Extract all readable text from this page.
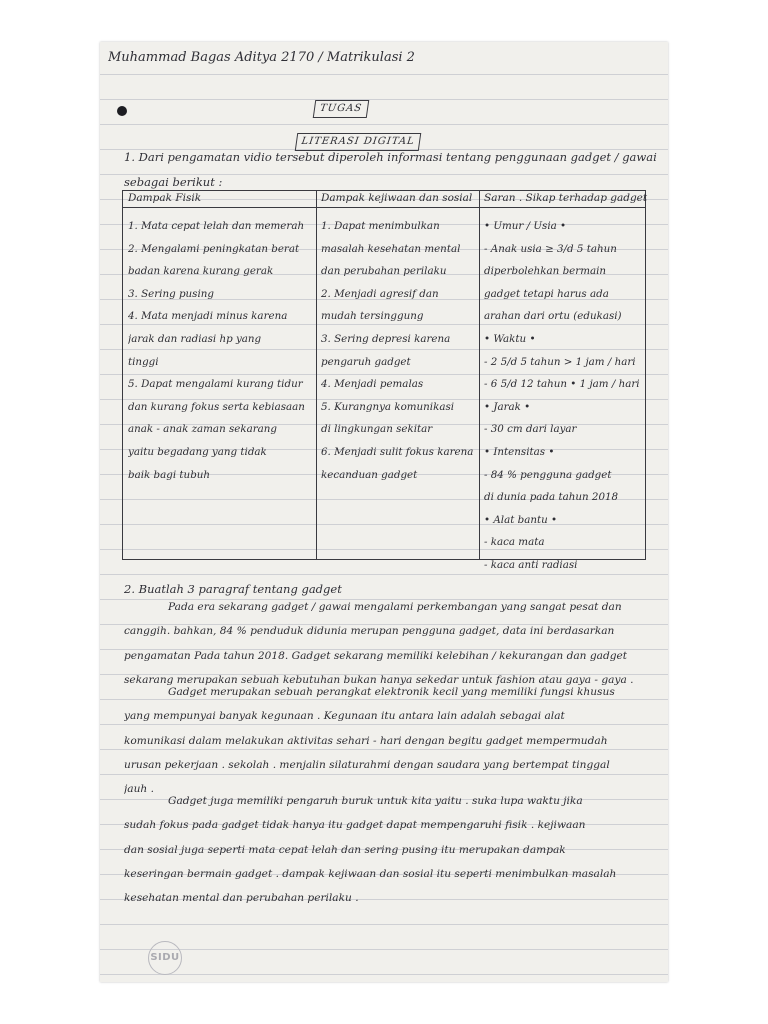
Muhammad Bagas Aditya 2170 / Matrikulasi 2
TUGAS
LITERASI DIGITAL
1. Dari pengamatan vidio tersebut diperoleh informasi tentang penggunaan gadget / gawai
sebagai berikut :
Dampak Fisik	Dampak kejiwaan dan sosial Saran . Sikap terhadap gadget
1. Mata cepat lelah dan memerah
2. Mengalami peningkatan berat
badan karena kurang gerak
3. Sering pusing
4. Mata menjadi minus karena
jarak dan radiasi hp yang
tinggi
5. Dapat mengalami kurang tidur
dan kurang fokus serta kebiasaan
anak - anak zaman sekarang
yaitu begadang yang tidak
baik bagi tubuh
1. Dapat menimbulkan
masalah kesehatan mental
dan perubahan perilaku
2. Menjadi agresif dan
mudah tersinggung
3. Sering depresi karena
pengaruh gadget
4. Menjadi pemalas
5. Kurangnya komunikasi
di lingkungan sekitar
6. Menjadi sulit fokus karena
kecanduan gadget
• Umur / Usia •
- Anak usia ≥ 3/d 5 tahun
diperbolehkan bermain
gadget tetapi harus ada
arahan dari ortu (edukasi)
• Waktu •
- 2 5/d 5 tahun > 1 jam / hari
- 6 5/d 12 tahun • 1 jam / hari
• Jarak •
- 30 cm dari layar
• Intensitas •
- 84 % pengguna gadget
di dunia pada tahun 2018
• Alat bantu •
- kaca mata
- kaca anti radiasi
2. Buatlah 3 paragraf tentang gadget
Pada era sekarang gadget / gawai mengalami perkembangan yang sangat pesat dan
canggih. bahkan, 84 % penduduk didunia merupan pengguna gadget, data ini berdasarkan
pengamatan Pada tahun 2018. Gadget sekarang memiliki kelebihan / kekurangan dan gadget
sekarang merupakan sebuah kebutuhan bukan hanya sekedar untuk fashion atau gaya - gaya .
Gadget merupakan sebuah perangkat elektronik kecil yang memiliki fungsi khusus
yang mempunyai banyak kegunaan . Kegunaan itu antara lain adalah sebagai alat
komunikasi dalam melakukan aktivitas sehari - hari dengan begitu gadget mempermudah
urusan pekerjaan . sekolah . menjalin silaturahmi dengan saudara yang bertempat tinggal
jauh .
Gadget juga memiliki pengaruh buruk untuk kita yaitu . suka lupa waktu jika
sudah fokus pada gadget tidak hanya itu gadget dapat mempengaruhi fisik . kejiwaan
dan sosial juga seperti mata cepat lelah dan sering pusing itu merupakan dampak
keseringan bermain gadget . dampak kejiwaan dan sosial itu seperti menimbulkan masalah
kesehatan mental dan perubahan perilaku .
SIDU
